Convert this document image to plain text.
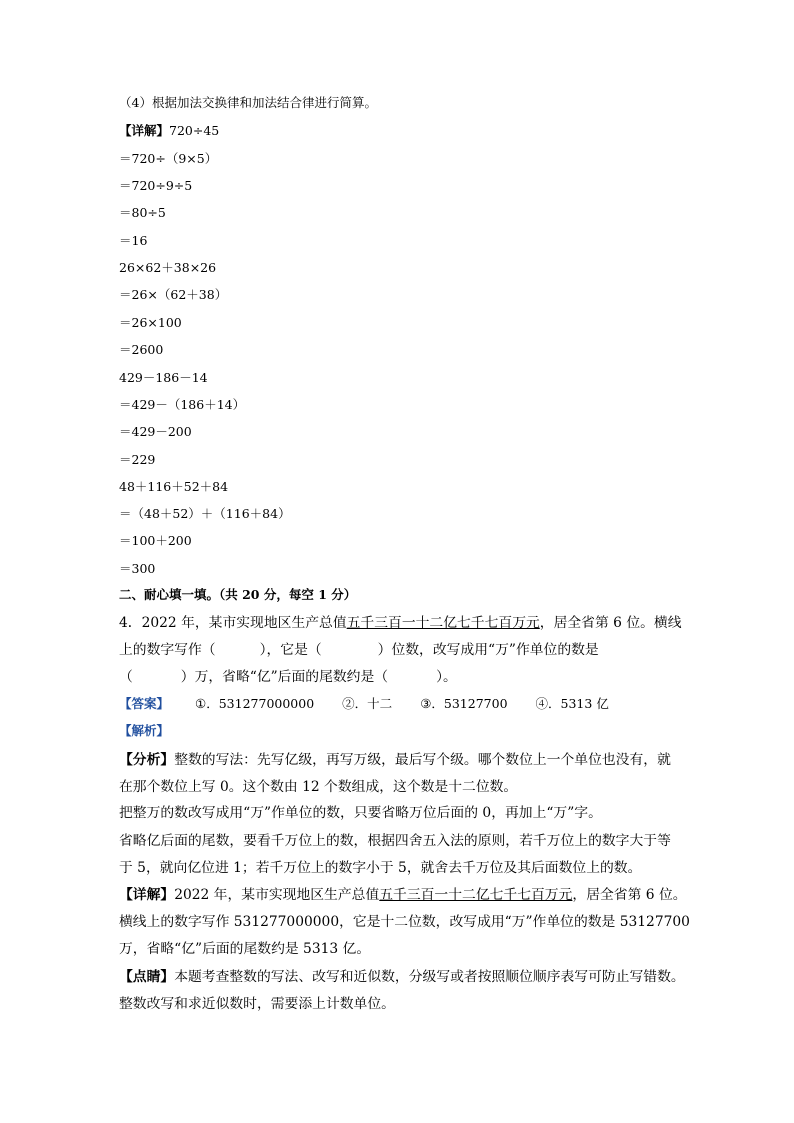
（4）根据加法交换律和加法结合律进行简算。
【详解】720÷45
＝720÷（9×5）
＝720÷9÷5
＝80÷5
＝16
26×62＋38×26
＝26×（62＋38）
＝26×100
＝2600
429－186－14
＝429－（186＋14）
＝429－200
＝229
48＋116＋52＋84
＝（48＋52）＋（116＋84）
＝100＋200
＝300
二、耐心填一填。（共 20 分，每空 1 分）
4．2022 年，某市实现地区生产总值五千三百一十二亿七千七百万元，居全省第 6 位。横线
上的数字写作（	），它是（	）位数，改写成用“万”作单位的数是
（	）万，省略“亿”后面的尾数约是（	）。
【答案】 ①．531277000000 ②．十二 ③．53127700 ④．5313 亿
【解析】
【分析】整数的写法：先写亿级，再写万级，最后写个级。哪个数位上一个单位也没有，就
在那个数位上写 0。这个数由 12 个数组成，这个数是十二位数。
把整万的数改写成用“万”作单位的数，只要省略万位后面的 0，再加上“万”字。
省略亿后面的尾数，要看千万位上的数，根据四舍五入法的原则，若千万位上的数字大于等
于 5，就向亿位进 1；若千万位上的数字小于 5，就舍去千万位及其后面数位上的数。
【详解】2022 年，某市实现地区生产总值五千三百一十二亿七千七百万元，居全省第 6 位。
横线上的数字写作 531277000000，它是十二位数，改写成用“万”作单位的数是 53127700
万，省略“亿”后面的尾数约是 5313 亿。
【点睛】本题考查整数的写法、改写和近似数，分级写或者按照顺位顺序表写可防止写错数。
整数改写和求近似数时，需要添上计数单位。
